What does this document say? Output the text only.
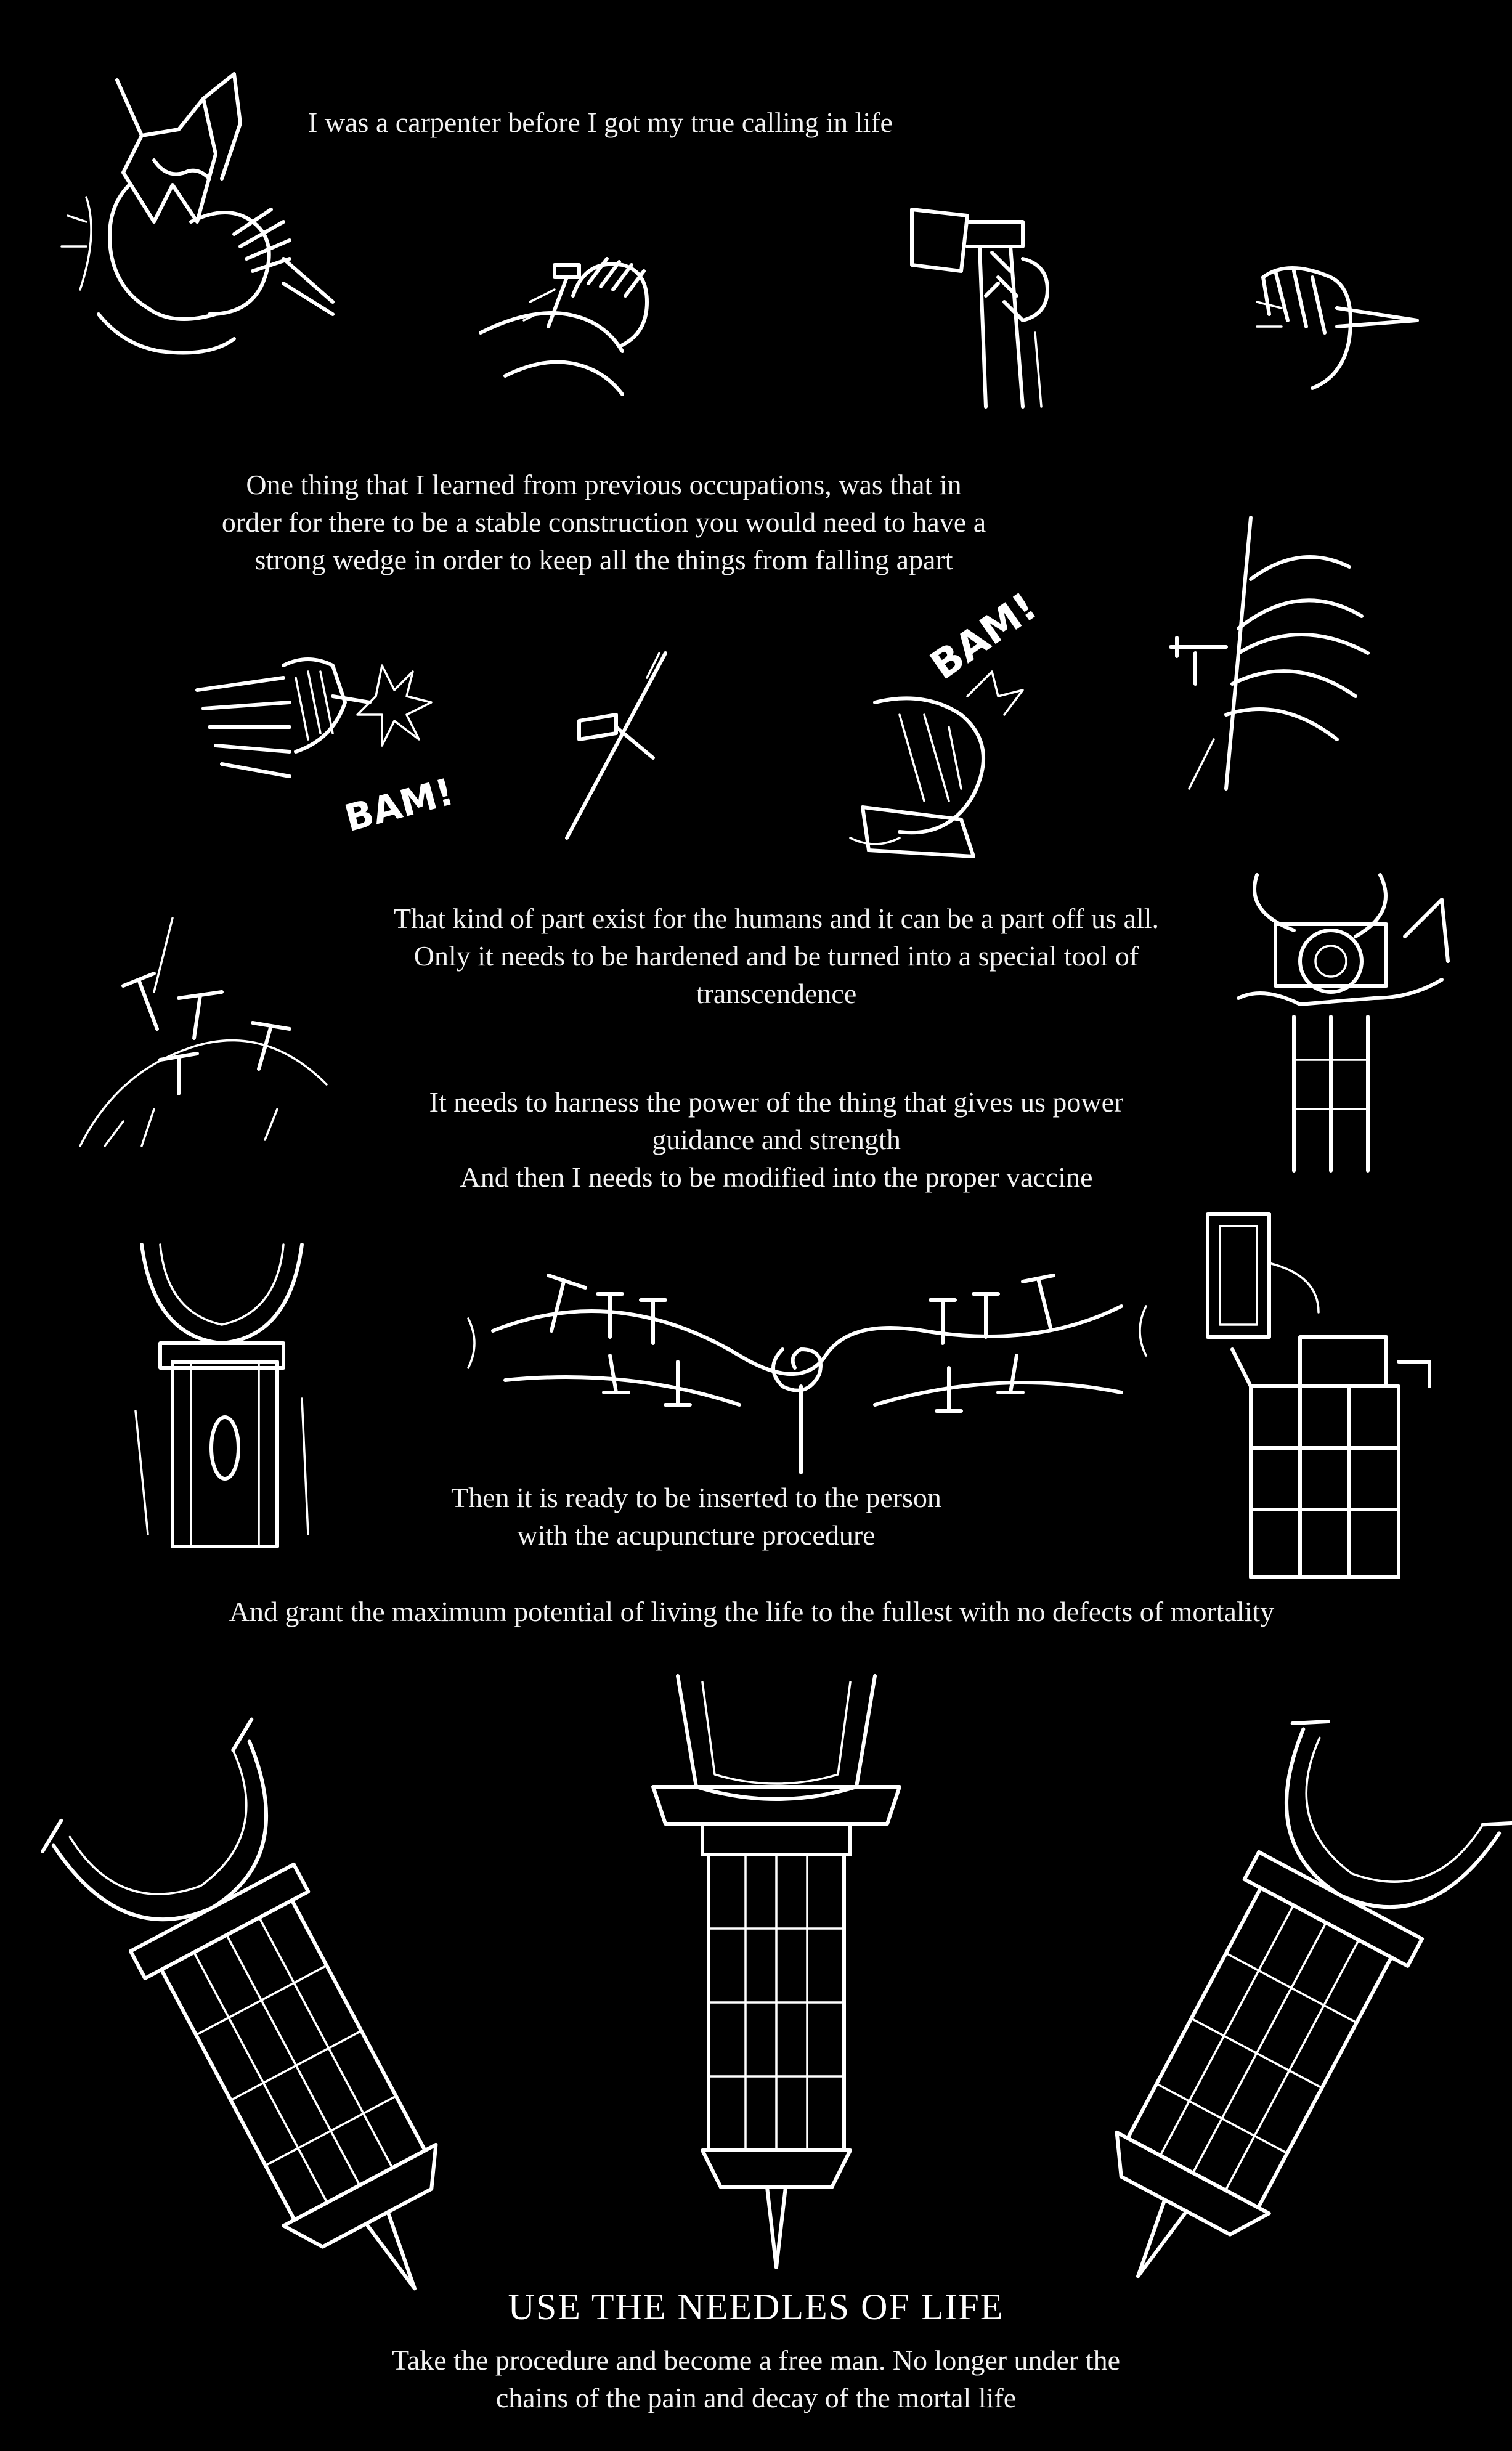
I was a carpenter before I got my true calling in life
One thing that I learned from previous occupations, was that in
order for there to be a stable construction you would need to have a
strong wedge in order to keep all the things from falling apart
BAM!
BAM!
That kind of part exist for the humans and it can be a part off us all.
Only it needs to be hardened and be turned into a special tool of
transcendence
It needs to harness the power of the thing that gives us power
guidance and strength
And then I needs to be modified into the proper vaccine
Then it is ready to be inserted to the person
with the acupuncture procedure
And grant the maximum potential of living the life to the fullest with no defects of mortality
USE THE NEEDLES OF LIFE
Take the procedure and become a free man. No longer under the
chains of the pain and decay of the mortal life
